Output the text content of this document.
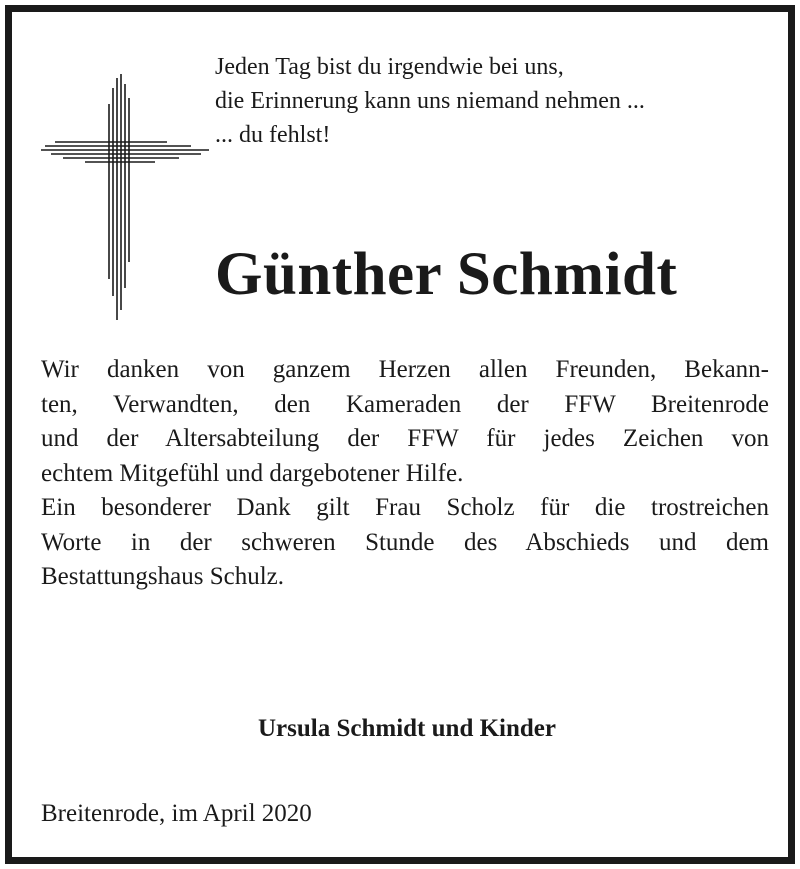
Jeden Tag bist du irgendwie bei uns,
die Erinnerung kann uns niemand nehmen ...
... du fehlst!
Günther Schmidt
Wir danken von ganzem Herzen allen Freunden, Bekann-
ten, Verwandten, den Kameraden der FFW Breitenrode
und der Altersabteilung der FFW für jedes Zeichen von
echtem Mitgefühl und dargebotener Hilfe.
Ein besonderer Dank gilt Frau Scholz für die trostreichen
Worte in der schweren Stunde des Abschieds und dem
Bestattungshaus Schulz.
Ursula Schmidt und Kinder
Breitenrode, im April 2020
